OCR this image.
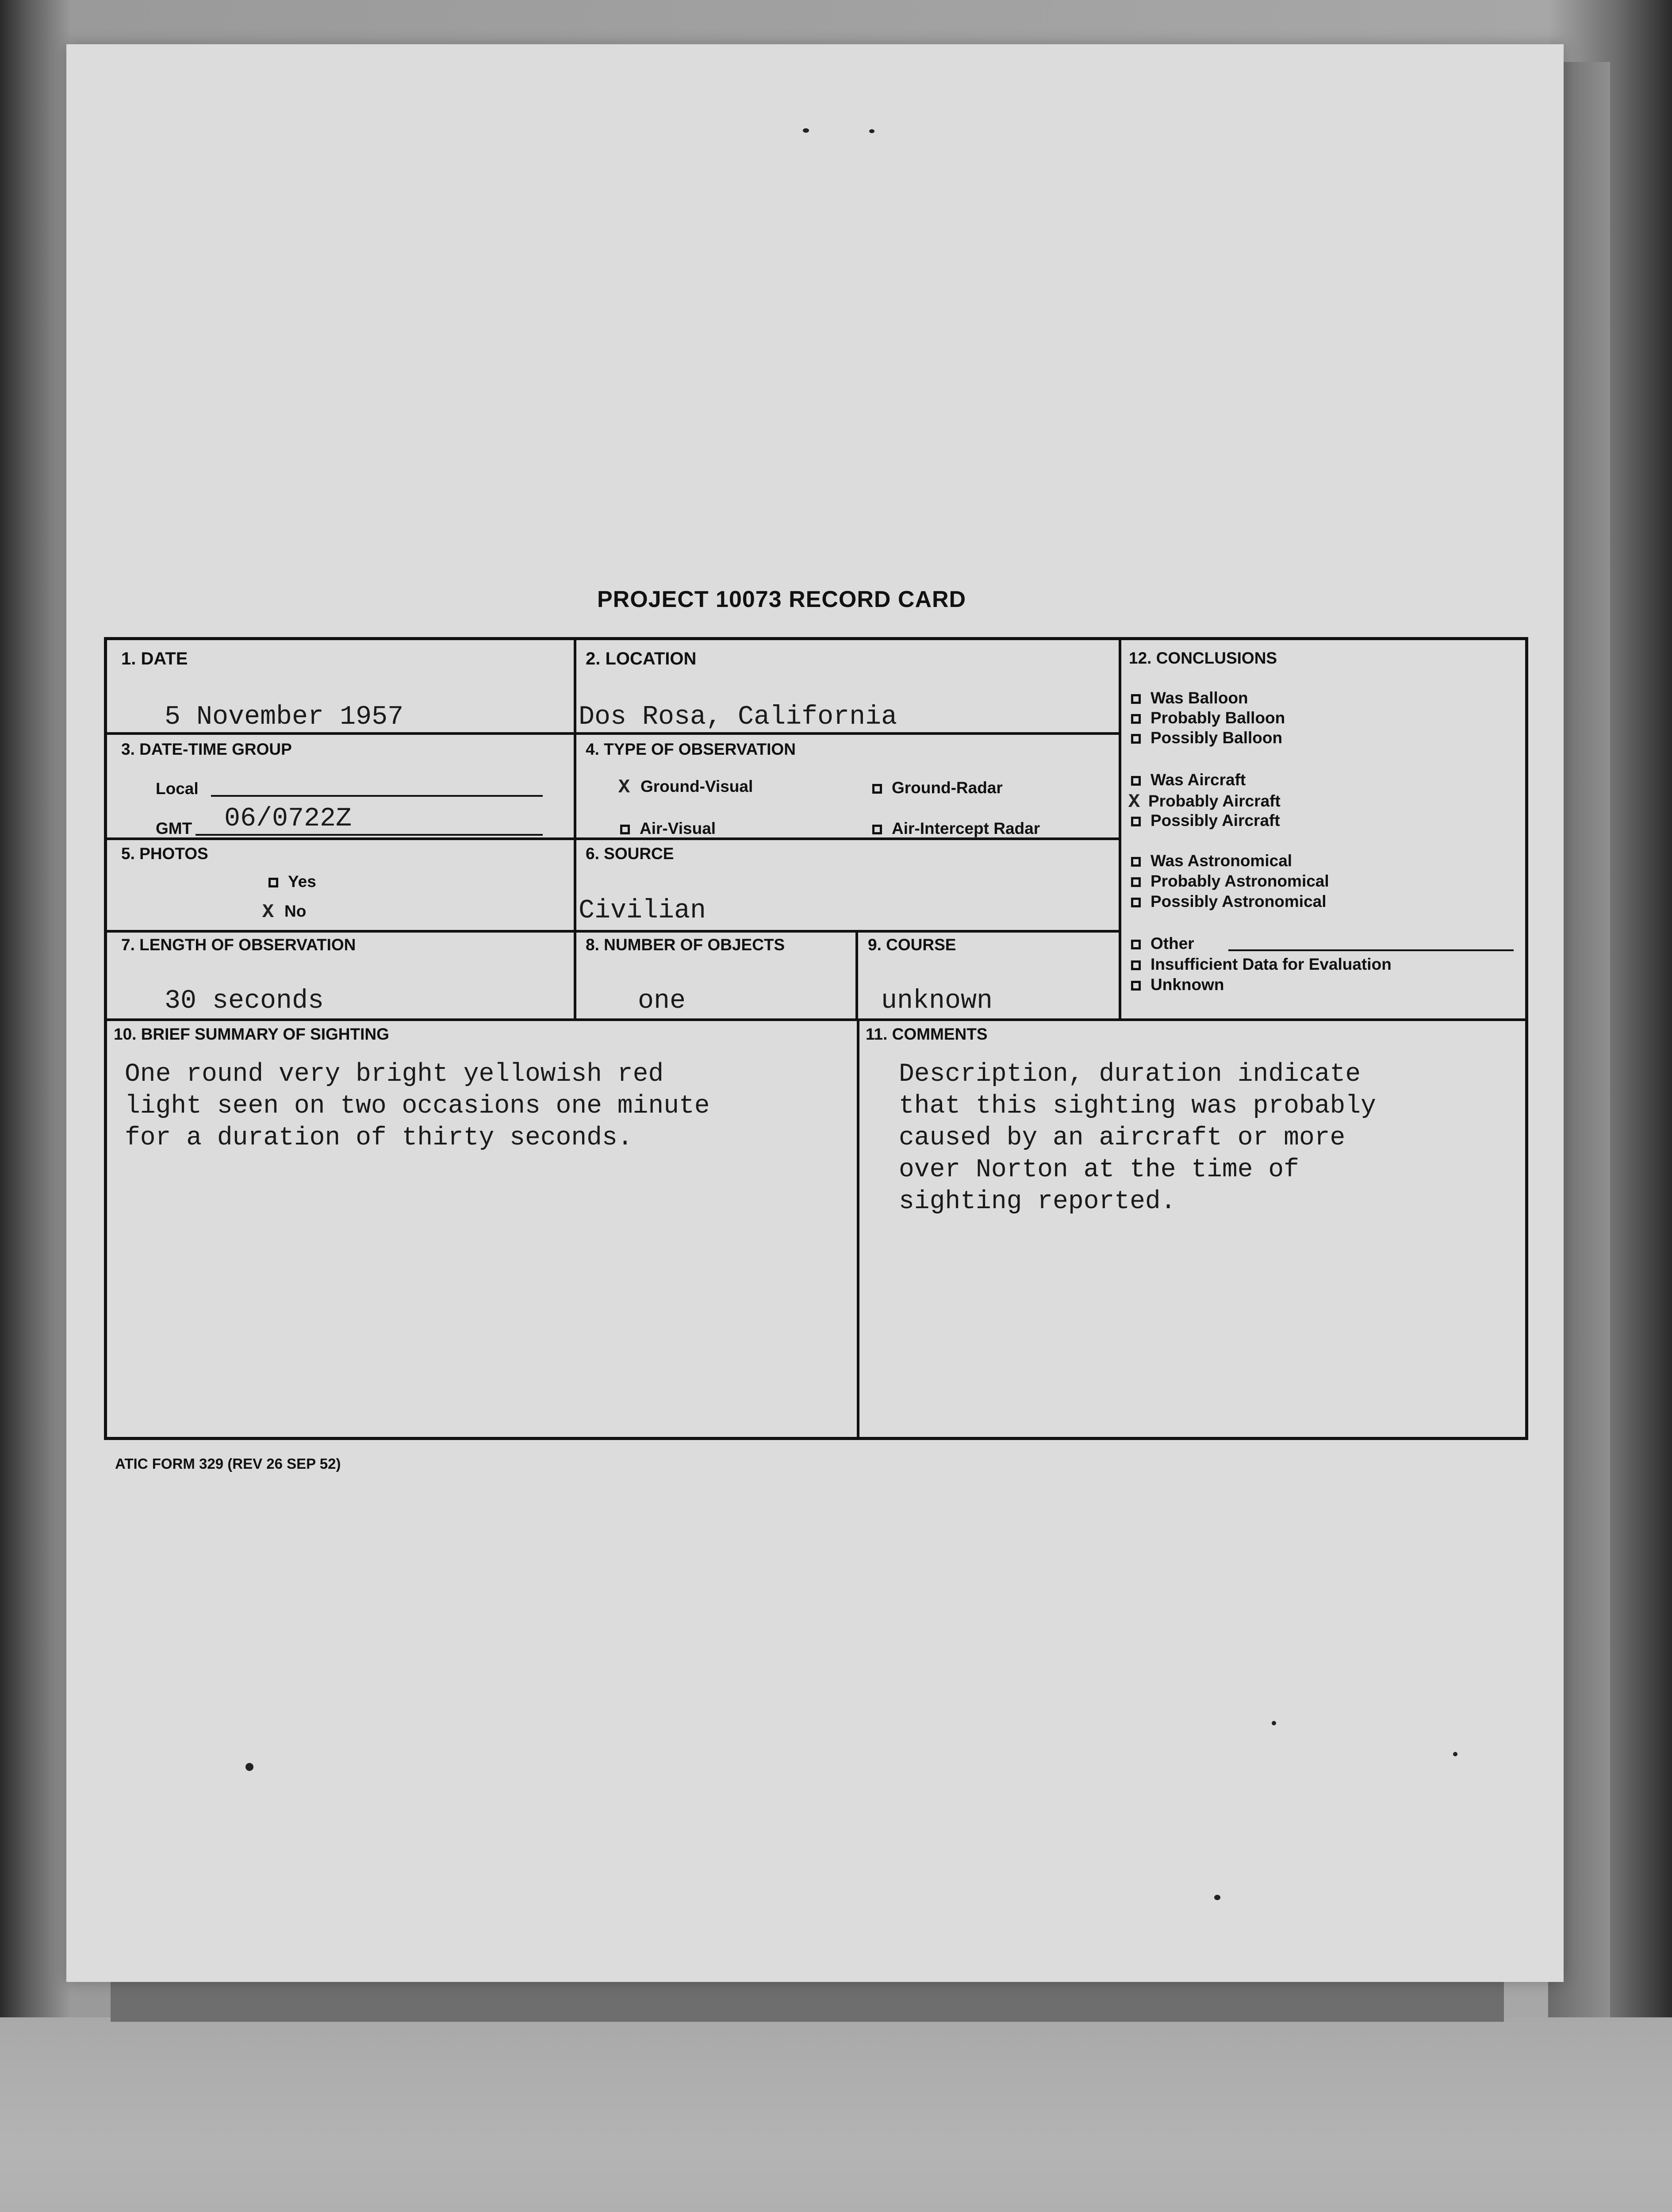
PROJECT 10073 RECORD CARD
1. DATE
5 November 1957
2. LOCATION
Dos Rosa, California
3. DATE-TIME GROUP
Local
GMT 06/0722Z
4. TYPE OF OBSERVATION
X Ground-Visual	Ground-Radar
Air-Visual	Air-Intercept Radar
5. PHOTOS
Yes
X No
6. SOURCE
Civilian
7. LENGTH OF OBSERVATION
30 seconds
8. NUMBER OF OBJECTS
one
9. COURSE
unknown
10. BRIEF SUMMARY OF SIGHTING
One round very bright yellowish red
light seen on two occasions one minute
for a duration of thirty seconds.
11. COMMENTS
Description, duration indicate
that this sighting was probably
caused by an aircraft or more
over Norton at the time of
sighting reported.
12. CONCLUSIONS
Was Balloon
Probably Balloon
Possibly Balloon
Was Aircraft
X Probably Aircraft
Possibly Aircraft
Was Astronomical
Probably Astronomical
Possibly Astronomical
Other
Insufficient Data for Evaluation
Unknown
ATIC FORM 329 (REV 26 SEP 52)
